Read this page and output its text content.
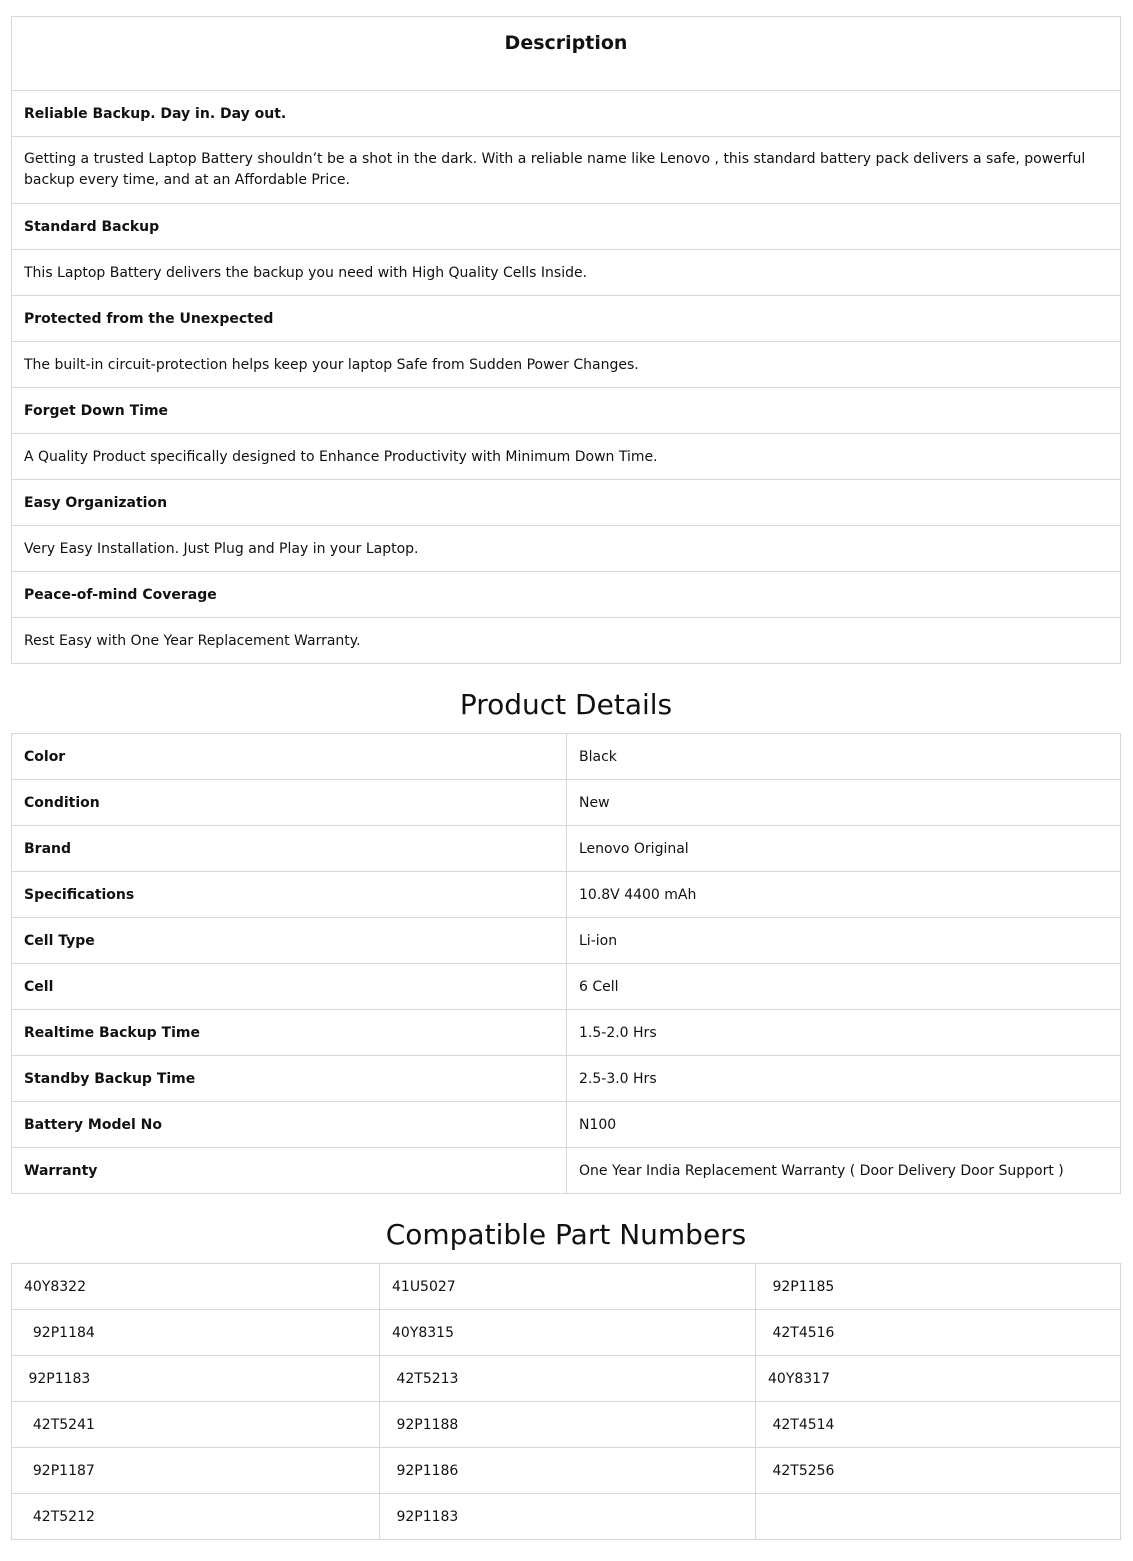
Description
Reliable Backup. Day in. Day out.
Getting a trusted Laptop Battery shouldn’t be a shot in the dark. With a reliable name like Lenovo , this standard battery pack delivers a safe, powerful backup every time, and at an Affordable Price.
Standard Backup
This Laptop Battery delivers the backup you need with High Quality Cells Inside.
Protected from the Unexpected
The built-in circuit-protection helps keep your laptop Safe from Sudden Power Changes.
Forget Down Time
A Quality Product specifically designed to Enhance Productivity with Minimum Down Time.
Easy Organization
Very Easy Installation. Just Plug and Play in your Laptop.
Peace-of-mind Coverage
Rest Easy with One Year Replacement Warranty.
Product Details
Color	Black
Condition	New
Brand	Lenovo Original
Specifications	10.8V 4400 mAh
Cell Type	Li-ion
Cell	6 Cell
Realtime Backup Time	1.5-2.0 Hrs
Standby Backup Time	2.5-3.0 Hrs
Battery Model No	N100
Warranty	One Year India Replacement Warranty ( Door Delivery Door Support )
Compatible Part Numbers
40Y8322	41U5027	92P1185
92P1184	40Y8315	42T4516
92P1183	42T5213	40Y8317
42T5241	92P1188	42T4514
92P1187	92P1186	42T5256
42T5212	92P1183	
